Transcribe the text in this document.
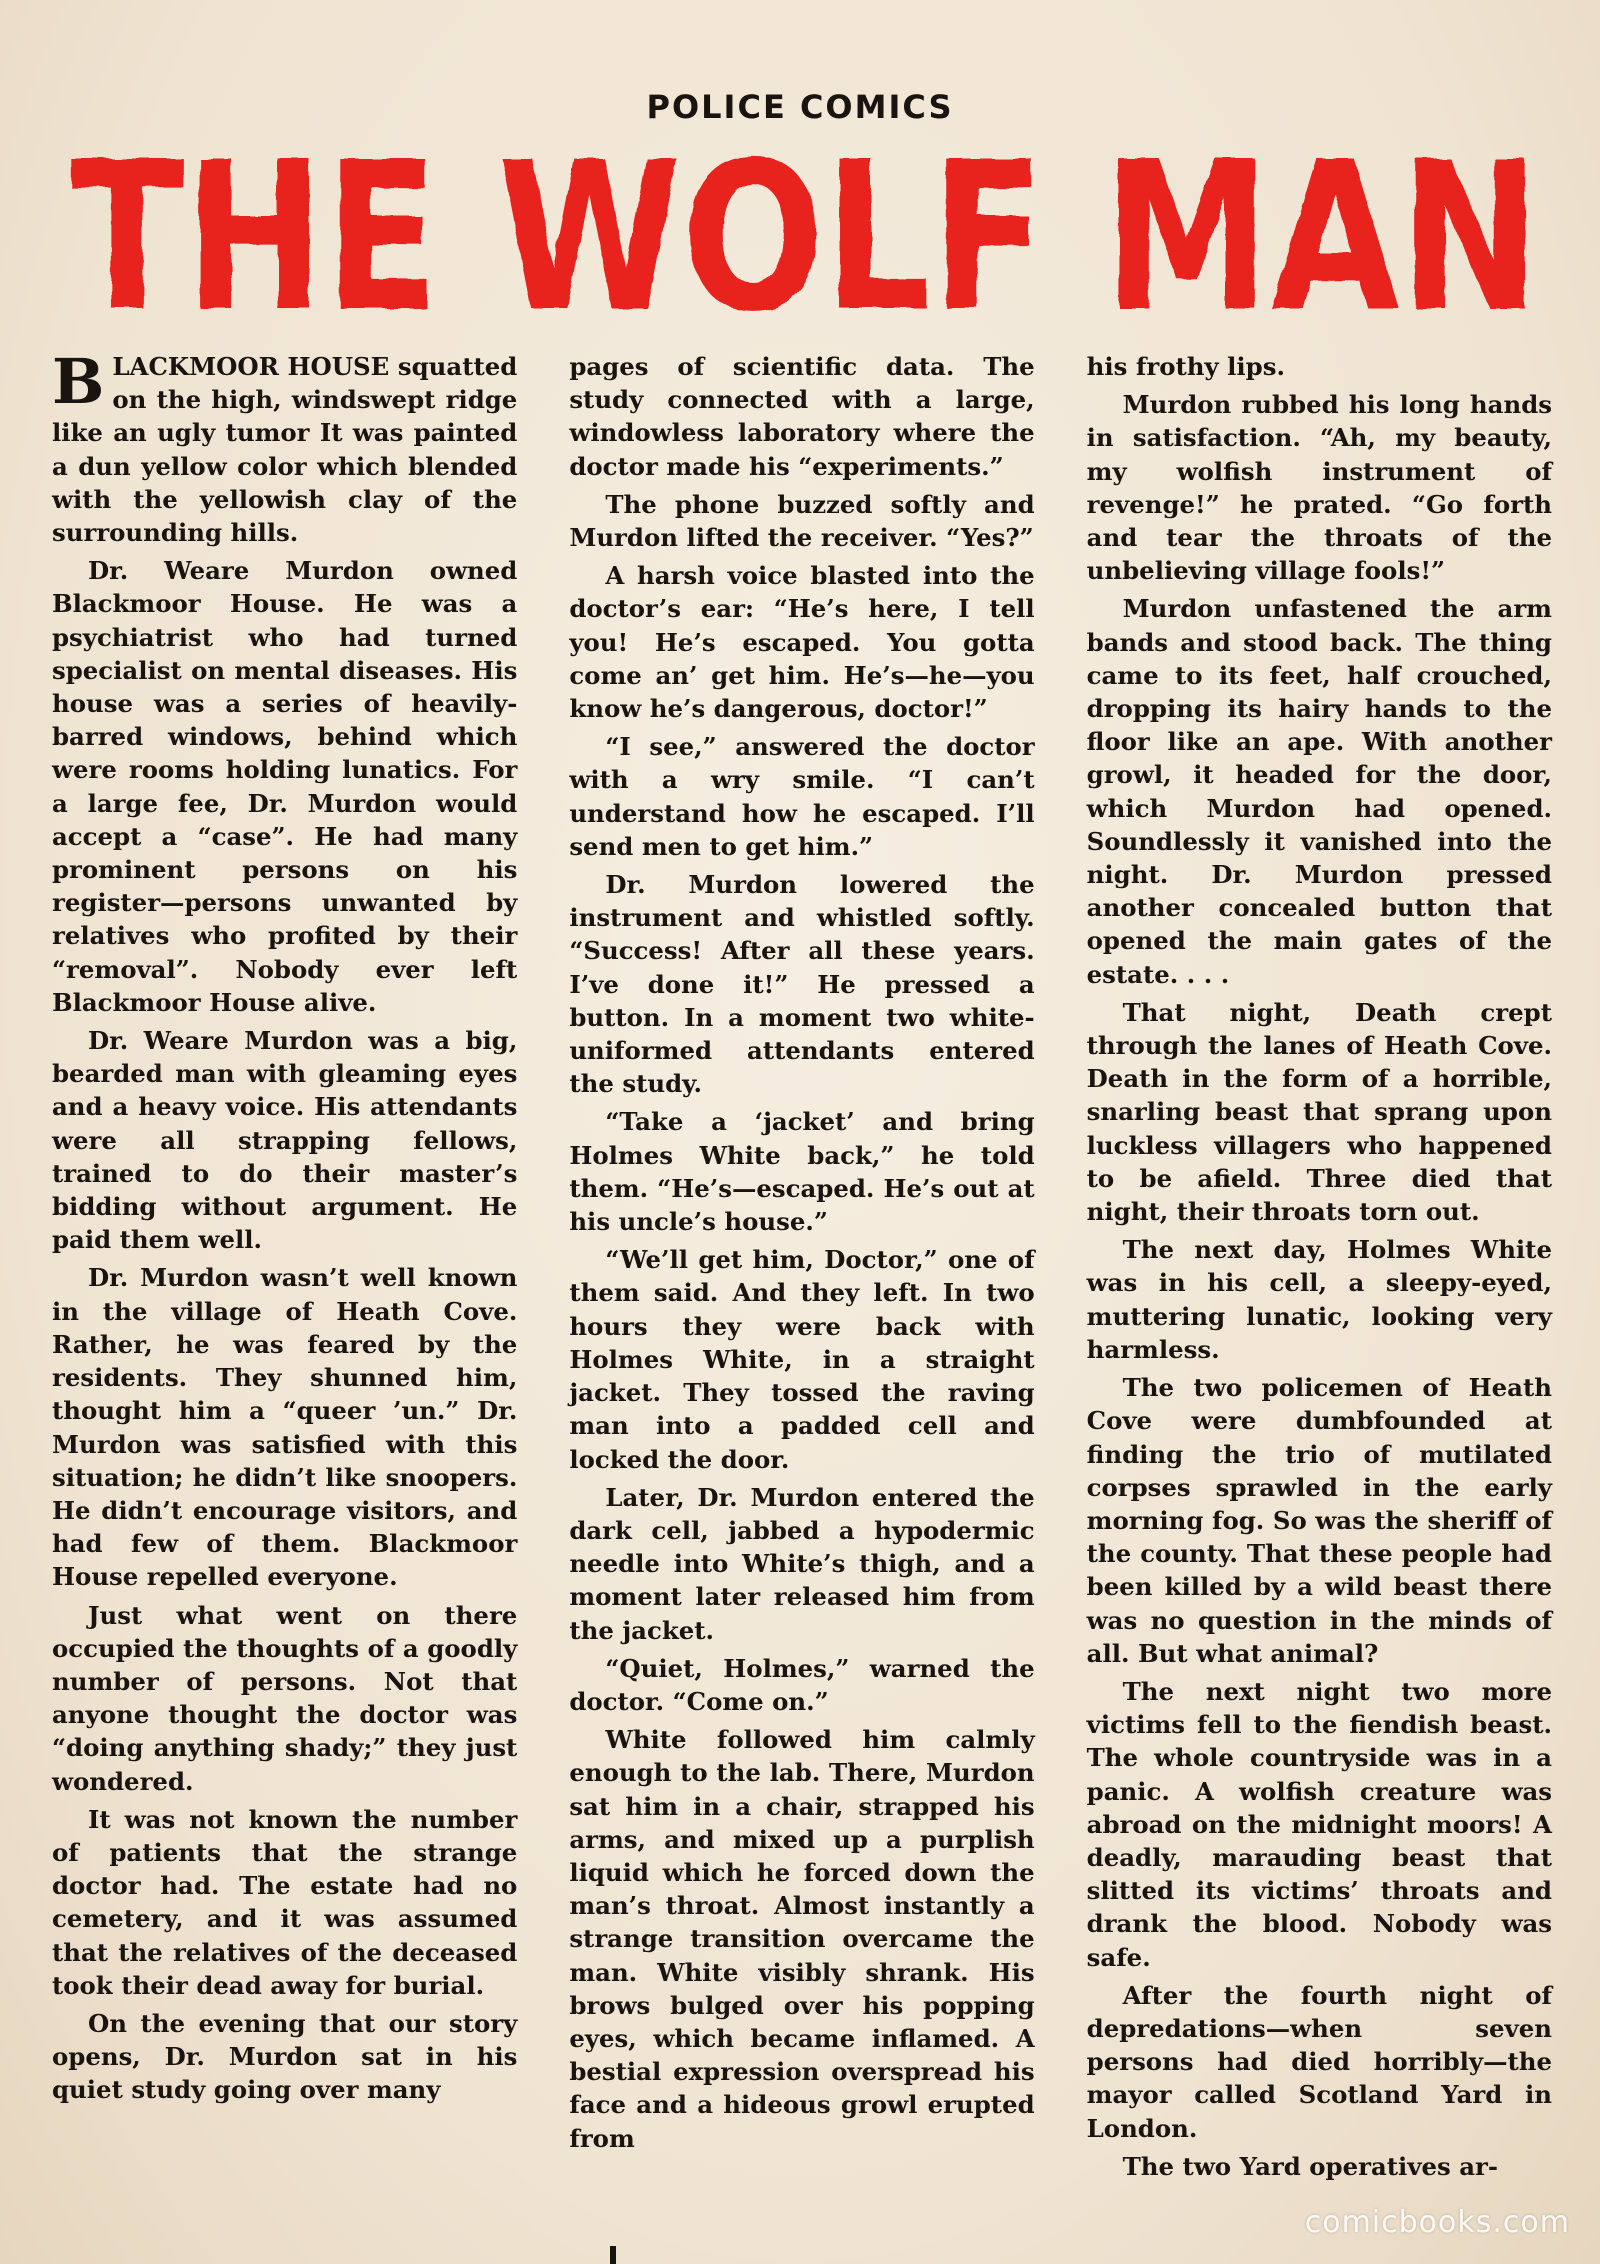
POLICE COMICS
THE WOLF MAN

BLACKMOOR HOUSE squatted on the high, windswept ridge like an ugly tumor It was painted a dun yellow color which blended with the yellowish clay of the surrounding hills.

Dr. Weare Murdon owned Blackmoor House. He was a psychiatrist who had turned specialist on mental diseases. His house was a series of heavily-barred windows, behind which were rooms holding lunatics. For a large fee, Dr. Murdon would accept a “case”. He had many prominent persons on his register—persons unwanted by relatives who profited by their “removal”. Nobody ever left Blackmoor House alive.

Dr. Weare Murdon was a big, bearded man with gleaming eyes and a heavy voice. His attendants were all strapping fellows, trained to do their master’s bidding without argument. He paid them well.

Dr. Murdon wasn’t well known in the village of Heath Cove. Rather, he was feared by the residents. They shunned him, thought him a “queer ’un.” Dr. Murdon was satisfied with this situation; he didn’t like snoopers. He didn’t encourage visitors, and had few of them. Blackmoor House repelled everyone.

Just what went on there occupied the thoughts of a goodly number of persons. Not that anyone thought the doctor was “doing anything shady;” they just wondered.

It was not known the number of patients that the strange doctor had. The estate had no cemetery, and it was assumed that the relatives of the deceased took their dead away for burial.

On the evening that our story opens, Dr. Murdon sat in his quiet study going over many

pages of scientific data. The study connected with a large, windowless laboratory where the doctor made his “experiments.”

The phone buzzed softly and Murdon lifted the receiver. “Yes?”

A harsh voice blasted into the doctor’s ear: “He’s here, I tell you! He’s escaped. You gotta come an’ get him. He’s—he—you know he’s dangerous, doctor!”

“I see,” answered the doctor with a wry smile. “I can’t understand how he escaped. I’ll send men to get him.”

Dr. Murdon lowered the instrument and whistled softly. “Success! After all these years. I’ve done it!” He pressed a button. In a moment two white-uniformed attendants entered the study.

“Take a ‘jacket’ and bring Holmes White back,” he told them. “He’s—escaped. He’s out at his uncle’s house.”

“We’ll get him, Doctor,” one of them said. And they left. In two hours they were back with Holmes White, in a straight jacket. They tossed the raving man into a padded cell and locked the door.

Later, Dr. Murdon entered the dark cell, jabbed a hypodermic needle into White’s thigh, and a moment later released him from the jacket.

“Quiet, Holmes,” warned the doctor. “Come on.”

White followed him calmly enough to the lab. There, Murdon sat him in a chair, strapped his arms, and mixed up a purplish liquid which he forced down the man’s throat. Almost instantly a strange transition overcame the man. White visibly shrank. His brows bulged over his popping eyes, which became inflamed. A bestial expression overspread his face and a hideous growl erupted from

his frothy lips.

Murdon rubbed his long hands in satisfaction. “Ah, my beauty, my wolfish instrument of revenge!” he prated. “Go forth and tear the throats of the unbelieving village fools!”

Murdon unfastened the arm bands and stood back. The thing came to its feet, half crouched, dropping its hairy hands to the floor like an ape. With another growl, it headed for the door, which Murdon had opened. Soundlessly it vanished into the night. Dr. Murdon pressed another concealed button that opened the main gates of the estate. . . .

That night, Death crept through the lanes of Heath Cove. Death in the form of a horrible, snarling beast that sprang upon luckless villagers who happened to be afield. Three died that night, their throats torn out.

The next day, Holmes White was in his cell, a sleepy-eyed, muttering lunatic, looking very harmless.

The two policemen of Heath Cove were dumbfounded at finding the trio of mutilated corpses sprawled in the early morning fog. So was the sheriff of the county. That these people had been killed by a wild beast there was no question in the minds of all. But what animal?

The next night two more victims fell to the fiendish beast. The whole countryside was in a panic. A wolfish creature was abroad on the midnight moors! A deadly, marauding beast that slitted its victims’ throats and drank the blood. Nobody was safe.

After the fourth night of depredations—when seven persons had died horribly—the mayor called Scotland Yard in London.

The two Yard operatives ar-

comicbooks.com
